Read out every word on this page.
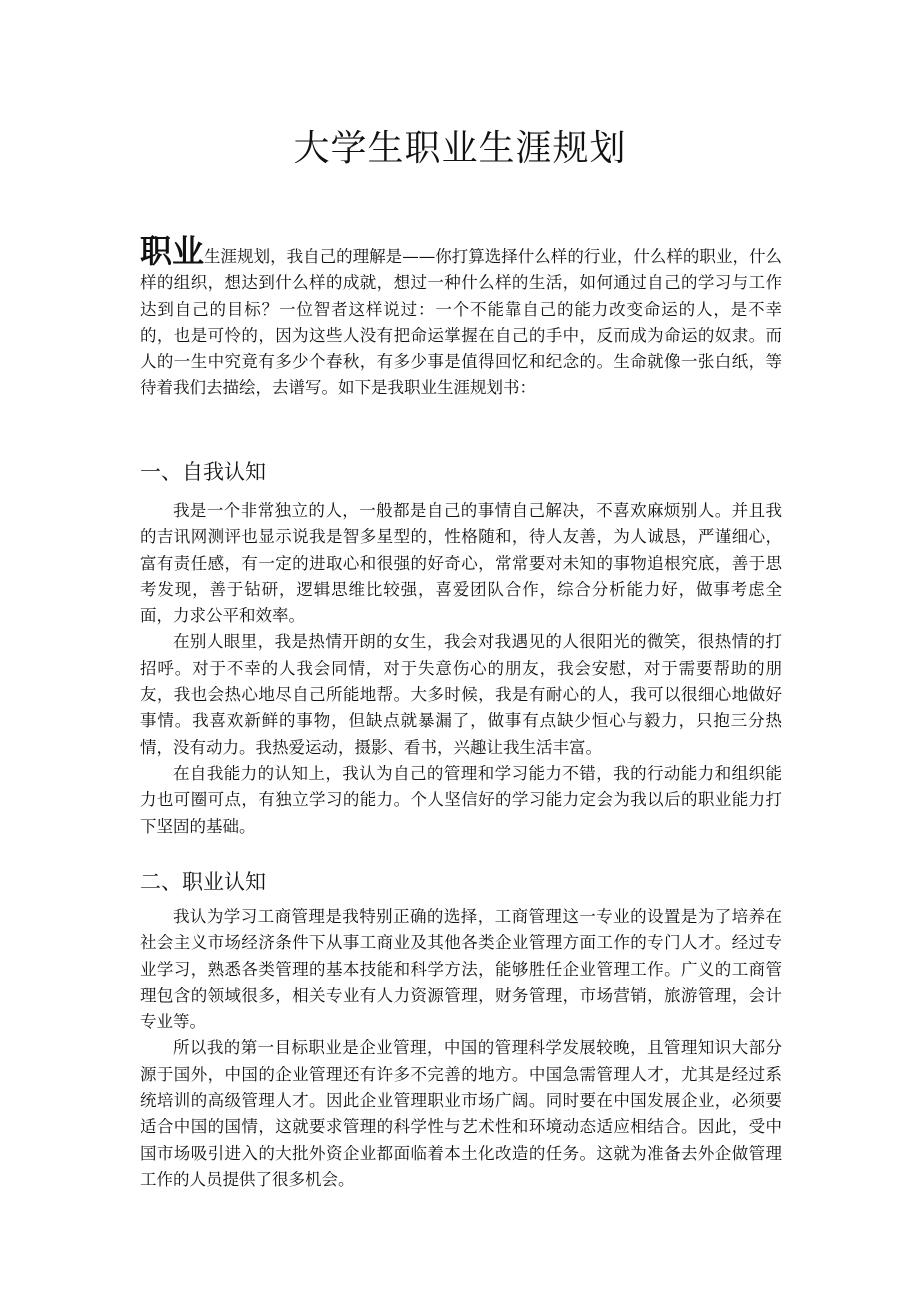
大学生职业生涯规划

职业生涯规划，我自己的理解是——你打算选择什么样的行业，什么样的职业，什么样的组织，想达到什么样的成就，想过一种什么样的生活，如何通过自己的学习与工作达到自己的目标？一位智者这样说过：一个不能靠自己的能力改变命运的人，是不幸的，也是可怜的，因为这些人没有把命运掌握在自己的手中，反而成为命运的奴隶。而人的一生中究竟有多少个春秋，有多少事是值得回忆和纪念的。生命就像一张白纸，等待着我们去描绘，去谱写。如下是我职业生涯规划书：

一、自我认知

我是一个非常独立的人，一般都是自己的事情自己解决，不喜欢麻烦别人。并且我的吉讯网测评也显示说我是智多星型的，性格随和，待人友善，为人诚恳，严谨细心，富有责任感，有一定的进取心和很强的好奇心，常常要对未知的事物追根究底，善于思考发现，善于钻研，逻辑思维比较强，喜爱团队合作，综合分析能力好，做事考虑全面，力求公平和效率。

在别人眼里，我是热情开朗的女生，我会对我遇见的人很阳光的微笑，很热情的打招呼。对于不幸的人我会同情，对于失意伤心的朋友，我会安慰，对于需要帮助的朋友，我也会热心地尽自己所能地帮。大多时候，我是有耐心的人，我可以很细心地做好事情。我喜欢新鲜的事物，但缺点就暴漏了，做事有点缺少恒心与毅力，只抱三分热情，没有动力。我热爱运动，摄影、看书，兴趣让我生活丰富。

在自我能力的认知上，我认为自己的管理和学习能力不错，我的行动能力和组织能力也可圈可点，有独立学习的能力。个人坚信好的学习能力定会为我以后的职业能力打下坚固的基础。

二、职业认知

我认为学习工商管理是我特别正确的选择，工商管理这一专业的设置是为了培养在社会主义市场经济条件下从事工商业及其他各类企业管理方面工作的专门人才。经过专业学习，熟悉各类管理的基本技能和科学方法，能够胜任企业管理工作。广义的工商管理包含的领域很多，相关专业有人力资源管理，财务管理，市场营销，旅游管理，会计专业等。

所以我的第一目标职业是企业管理，中国的管理科学发展较晚，且管理知识大部分源于国外，中国的企业管理还有许多不完善的地方。中国急需管理人才，尤其是经过系统培训的高级管理人才。因此企业管理职业市场广阔。同时要在中国发展企业，必须要适合中国的国情，这就要求管理的科学性与艺术性和环境动态适应相结合。因此，受中国市场吸引进入的大批外资企业都面临着本土化改造的任务。这就为准备去外企做管理工作的人员提供了很多机会。
